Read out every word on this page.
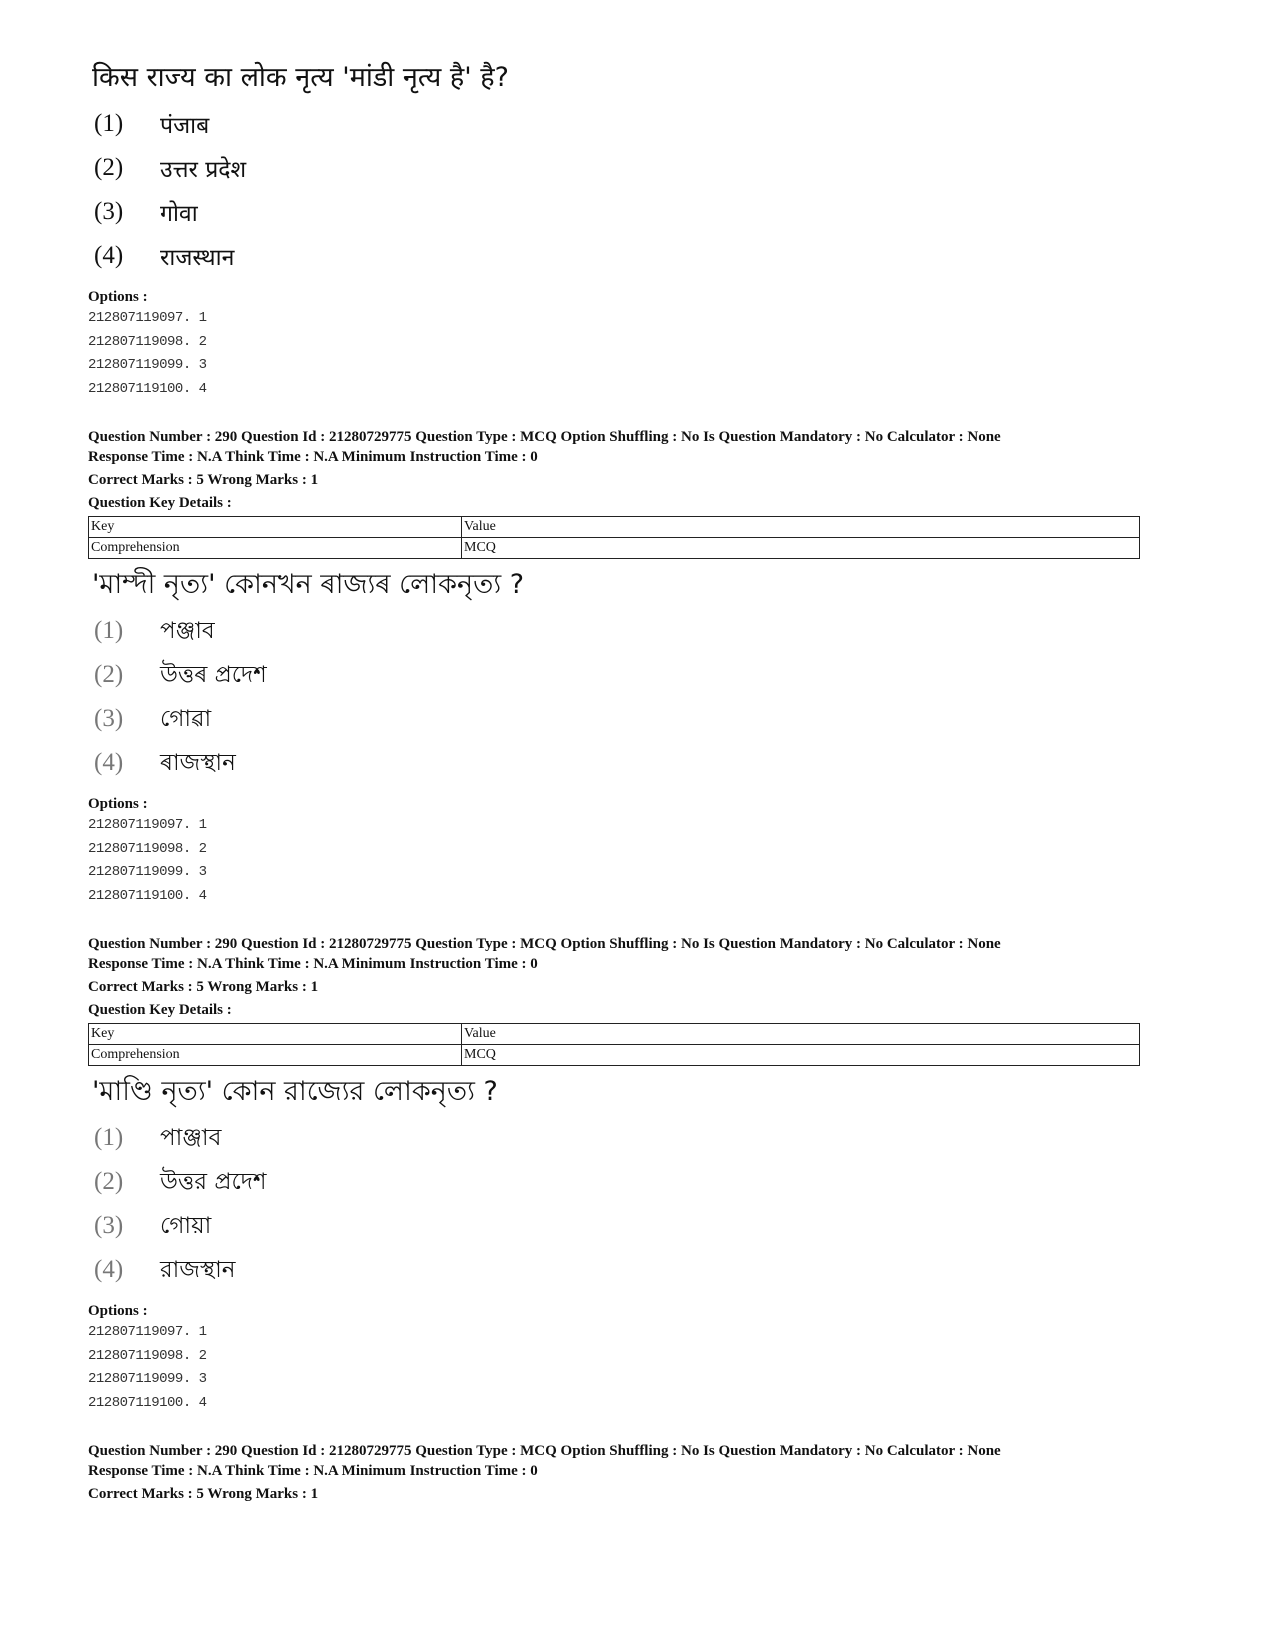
किस राज्य का लोक नृत्य 'मांडी नृत्य है' है?
(1)	पंजाब
(2)	उत्तर प्रदेश
(3)	गोवा
(4)	राजस्थान
Options :
212807119097. 1
212807119098. 2
212807119099. 3
212807119100. 4
Question Number : 290 Question Id : 21280729775 Question Type : MCQ Option Shuffling : No Is Question Mandatory : No Calculator : None
Response Time : N.A Think Time : N.A Minimum Instruction Time : 0
Correct Marks : 5 Wrong Marks : 1
Question Key Details :
Key	Value
Comprehension	MCQ
'মাম্দী নৃত্য' কোনখন ৰাজ্যৰ লোকনৃত্য ?
(1)	পঞ্জাব
(2)	উত্তৰ প্ৰদেশ
(3)	গোৱা
(4)	ৰাজস্থান
Options :
212807119097. 1
212807119098. 2
212807119099. 3
212807119100. 4
Question Number : 290 Question Id : 21280729775 Question Type : MCQ Option Shuffling : No Is Question Mandatory : No Calculator : None
Response Time : N.A Think Time : N.A Minimum Instruction Time : 0
Correct Marks : 5 Wrong Marks : 1
Question Key Details :
Key	Value
Comprehension	MCQ
'মাণ্ডি নৃত্য' কোন রাজ্যের লোকনৃত্য ?
(1)	পাঞ্জাব
(2)	উত্তর প্রদেশ
(3)	গোয়া
(4)	রাজস্থান
Options :
212807119097. 1
212807119098. 2
212807119099. 3
212807119100. 4
Question Number : 290 Question Id : 21280729775 Question Type : MCQ Option Shuffling : No Is Question Mandatory : No Calculator : None
Response Time : N.A Think Time : N.A Minimum Instruction Time : 0
Correct Marks : 5 Wrong Marks : 1
